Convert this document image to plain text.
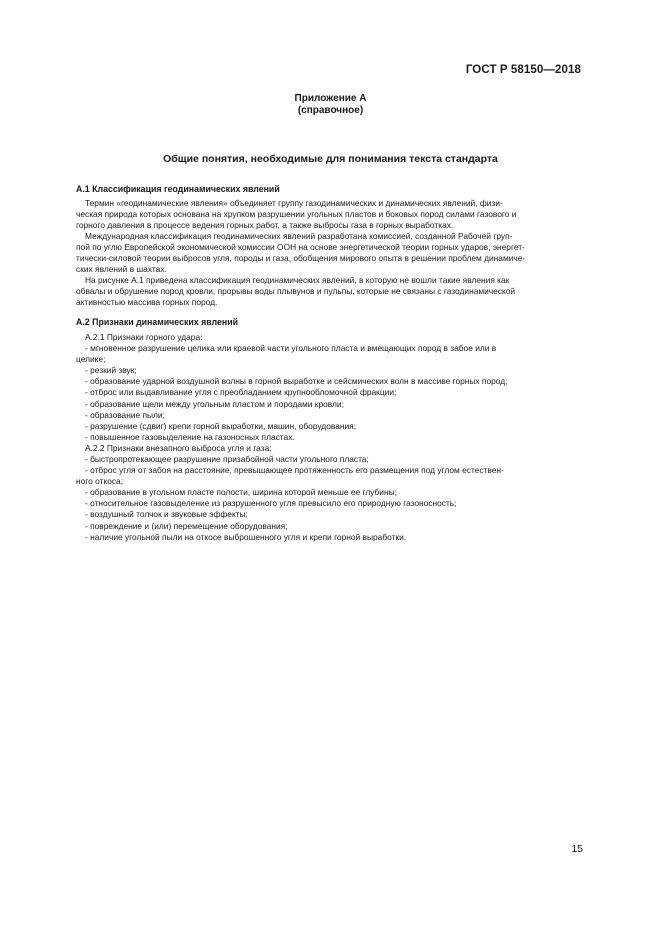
ГОСТ Р 58150—2018
Приложение А
(справочное)
Общие понятия, необходимые для понимания текста стандарта

А.1 Классификация геодинамических явлений

Термин «геодинамические явления» объединяет группу газодинамических и динамических явлений, физи-
ческая природа которых основана на хрупком разрушении угольных пластов и боковых пород силами газового и
горного давления в процессе ведения горных работ, а также выбросы газа в горных выработках.
Международная классификация геодинамических явлений разработана комиссией, созданной Рабочей груп-
пой по углю Европейской экономической комиссии ООН на основе энергетической теории горных ударов, энергет-
тически-силовой теории выбросов угля, породы и газа, обобщения мирового опыта в решении проблем динамиче-
ских явлений в шахтах.
На рисунке А.1 приведена классификация геодинамических явлений, в которую не вошли такие явления как
обвалы и обрушение пород кровли, прорывы воды плывунов и пульпы, которые не связаны с газодинамической
активностью массива горных пород.

А.2 Признаки динамических явлений

А.2.1 Признаки горного удара:
- мгновенное разрушение целика или краевой части угольного пласта и вмещающих пород в забое или в
целике;
- резкий звук;
- образование ударной воздушной волны в горной выработке и сейсмических волн в массиве горных пород;
- отброс или выдавливание угля с преобладанием крупнообломочной фракции;
- образование щели между угольным пластом и породами кровли;
- образование пыли;
- разрушение (сдвиг) крепи горной выработки, машин, оборудования;
- повышенное газовыделение на газоносных пластах.
А.2.2 Признаки внезапного выброса угля и газа:
- быстропротекающее разрушение призабойной части угольного пласта;
- отброс угля от забоя на расстояние, превышающее протяженность его размещения под углом естествен-
ного откоса;
- образование в угольном пласте полости, ширина которой меньше ее глубины;
- относительное газовыделение из разрушенного угля превысило его природную газоносность;
- воздушный толчок и звуковые эффекты;
- повреждение и (или) перемещение оборудования;
- наличие угольной пыли на откосе выброшенного угля и крепи горной выработки.
15
